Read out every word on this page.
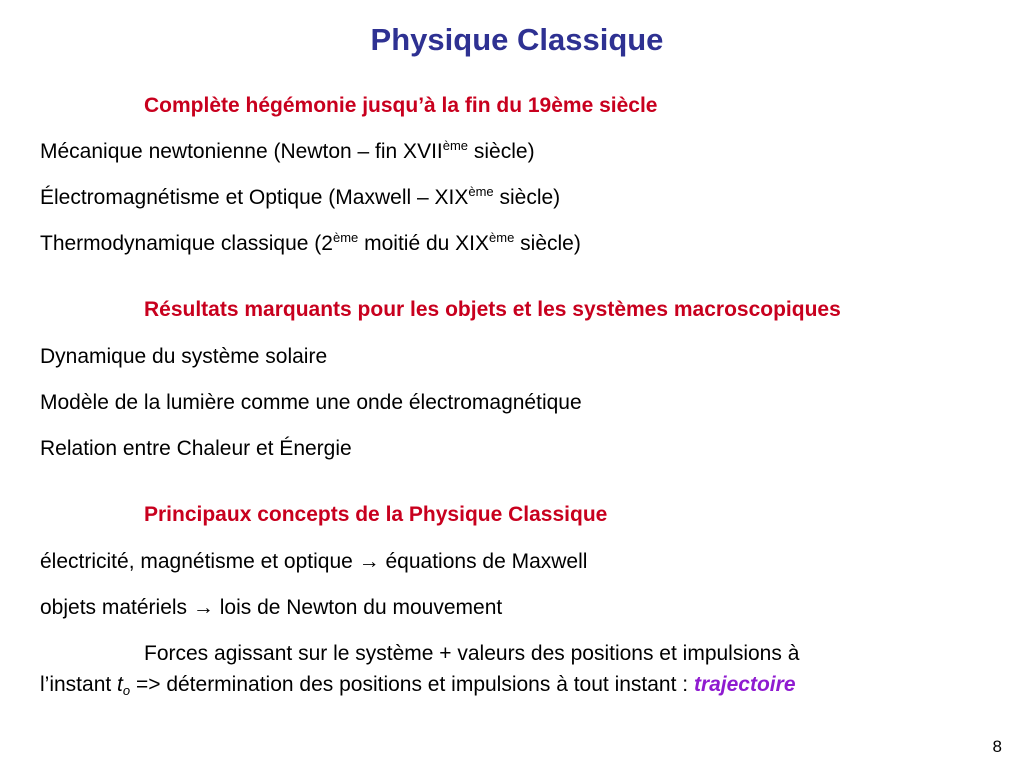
Physique Classique
Complète hégémonie jusqu’à la fin du 19ème siècle
Mécanique newtonienne (Newton – fin XVIIème siècle)
Électromagnétisme et Optique (Maxwell – XIXème siècle)
Thermodynamique classique (2ème moitié du XIXème siècle)
Résultats marquants pour les objets et les systèmes macroscopiques
Dynamique du système solaire
Modèle de la lumière comme une onde électromagnétique
Relation entre Chaleur et Énergie
Principaux concepts de la Physique Classique
électricité, magnétisme et optique → équations de Maxwell
objets matériels → lois de Newton du mouvement
Forces agissant sur le système + valeurs des positions et impulsions à
l’instant $t_o$ => détermination des positions et impulsions à tout instant : trajectoire
8
